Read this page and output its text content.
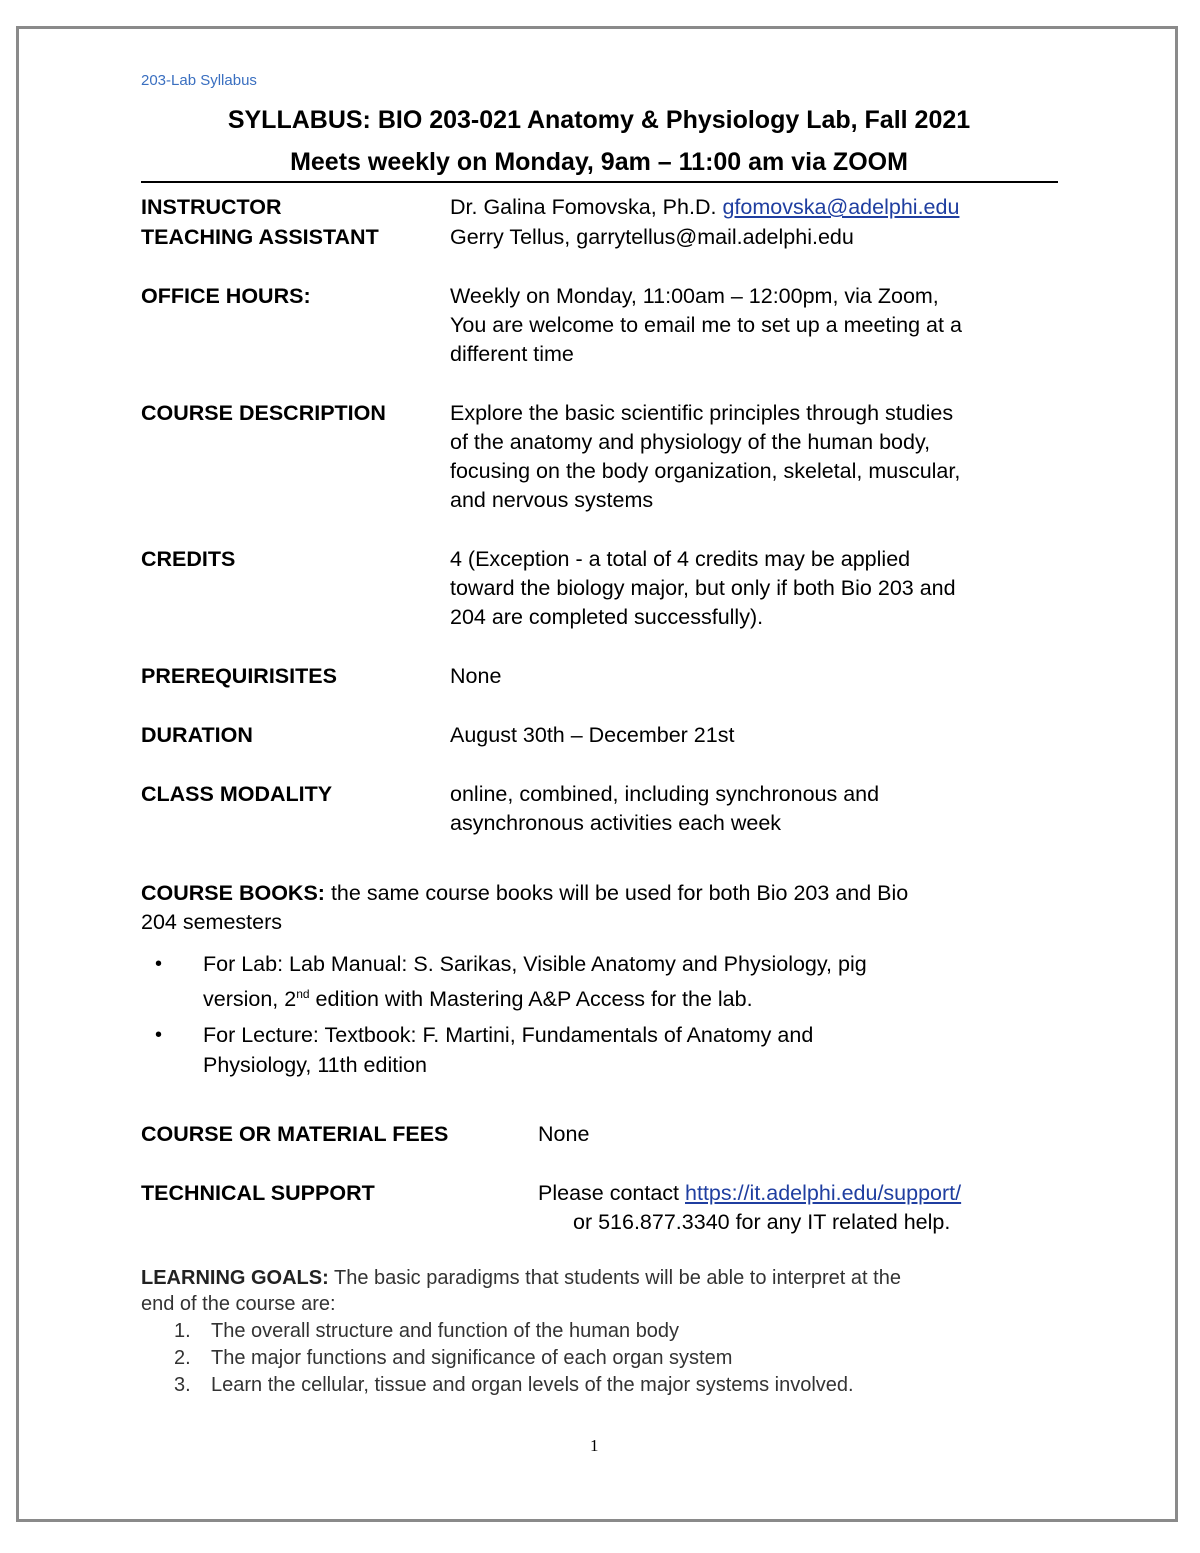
203-Lab Syllabus
SYLLABUS: BIO 203-021 Anatomy & Physiology Lab, Fall 2021
Meets weekly on Monday, 9am – 11:00 am via ZOOM
INSTRUCTOR	Dr. Galina Fomovska, Ph.D. gfomovska@adelphi.edu
TEACHING ASSISTANT	Gerry Tellus, garrytellus@mail.adelphi.edu
OFFICE HOURS:	Weekly on Monday, 11:00am – 12:00pm, via Zoom,
You are welcome to email me to set up a meeting at a
different time
COURSE DESCRIPTION	Explore the basic scientific principles through studies
of the anatomy and physiology of the human body,
focusing on the body organization, skeletal, muscular,
and nervous systems
CREDITS	4 (Exception - a total of 4 credits may be applied
toward the biology major, but only if both Bio 203 and
204 are completed successfully).
PREREQUIRISITES	None
DURATION	August 30th – December 21st
CLASS MODALITY	online, combined, including synchronous and
asynchronous activities each week
COURSE BOOKS: the same course books will be used for both Bio 203 and Bio
204 semesters
• For Lab: Lab Manual: S. Sarikas, Visible Anatomy and Physiology, pig
version, 2nd edition with Mastering A&P Access for the lab.
• For Lecture: Textbook: F. Martini, Fundamentals of Anatomy and
Physiology, 11th edition
COURSE OR MATERIAL FEES	None
TECHNICAL SUPPORT	Please contact https://it.adelphi.edu/support/
or 516.877.3340 for any IT related help.
LEARNING GOALS: The basic paradigms that students will be able to interpret at the
end of the course are:
1. The overall structure and function of the human body
2. The major functions and significance of each organ system
3. Learn the cellular, tissue and organ levels of the major systems involved.
1
